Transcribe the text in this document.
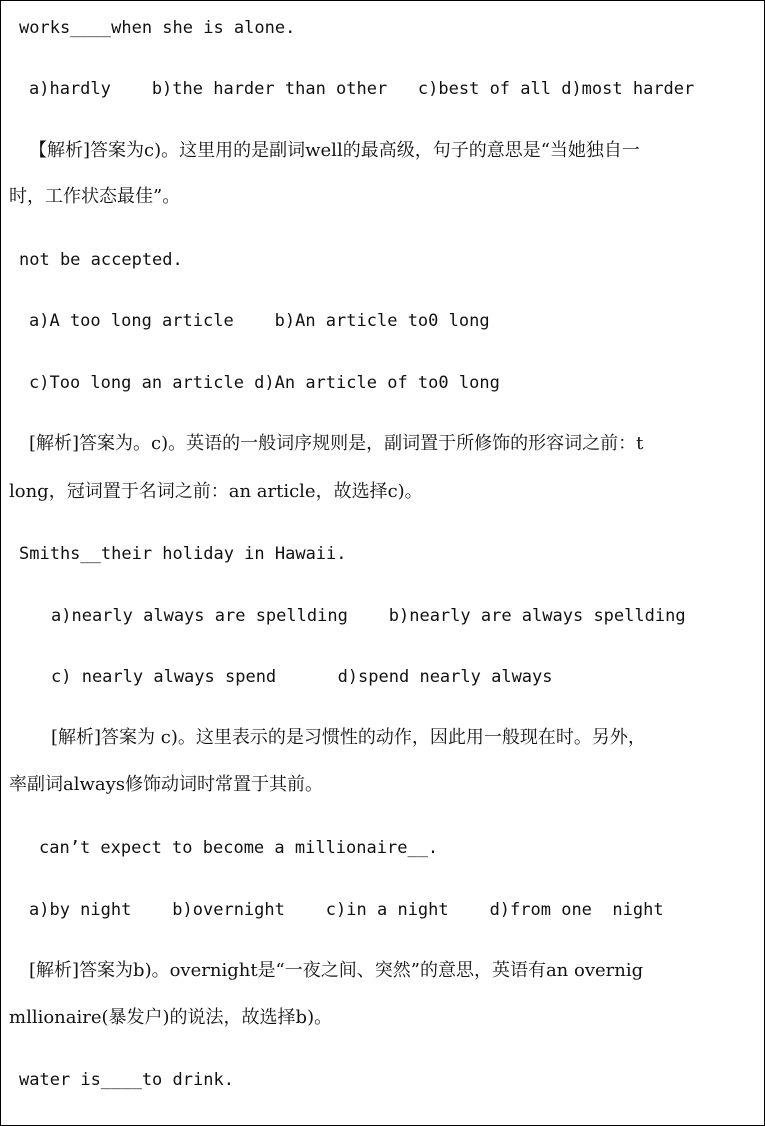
works____when she is alone.
a)hardly    b)the harder than other   c)best of all d)most harder
【解析]答案为c)。这里用的是副词well的最高级，句子的意思是“当她独自一
时，工作状态最佳”。
not be accepted.
a)A too long article    b)An article to0 long
c)Too long an article d)An article of to0 long
[解析]答案为。c)。英语的一般词序规则是，副词置于所修饰的形容词之前：t
long，冠词置于名词之前：an article，故选择c)。
Smiths__their holiday in Hawaii.
a)nearly always are spellding    b)nearly are always spellding
c) nearly always spend      d)spend nearly always
[解析]答案为 c)。这里表示的是习惯性的动作，因此用一般现在时。另外，
率副词always修饰动词时常置于其前。
can’t expect to become a millionaire__.
a)by night    b)overnight    c)in a night    d)from one  night
[解析]答案为b)。overnight是“一夜之间、突然”的意思，英语有an overnig
mllionaire(暴发户)的说法，故选择b)。
water is____to drink.
